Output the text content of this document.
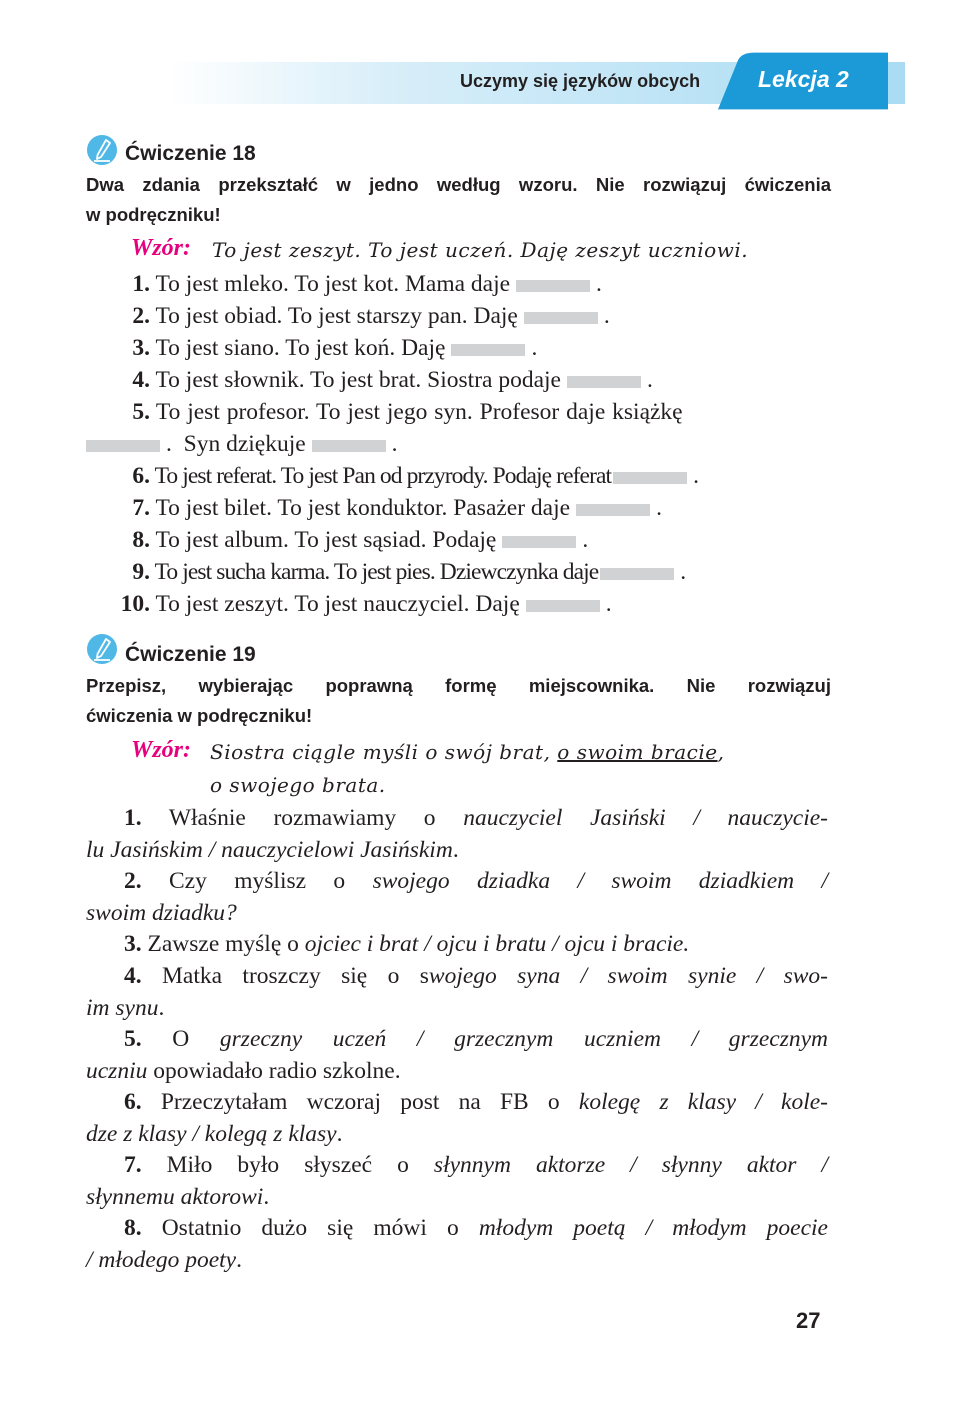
Uczymy się języków obcych	Lekcja 2
Ćwiczenie 18
Dwa zdania przekształć w jedno według wzoru. Nie rozwiązuj ćwiczenia
w podręczniku!
Wzór: To jest zeszyt. To jest uczeń. Daję zeszyt uczniowi.
1. To jest mleko. To jest kot. Mama daje	.
2. To jest obiad. To jest starszy pan. Daję	.
3. To jest siano. To jest koń. Daję	.
4. To jest słownik. To jest brat. Siostra podaje	.
5. To jest profesor. To jest jego syn. Profesor daje książkę
.  Syn dziękuje	.
6. To jest referat. To jest Pan od przyrody. Podaję referat	.
7. To jest bilet. To jest konduktor. Pasażer daje	.
8. To jest album. To jest sąsiad. Podaję	.
9. To jest sucha karma. To jest pies. Dziewczynka daje	.
10. To jest zeszyt. To jest nauczyciel. Daję	.
Ćwiczenie 19
Przepisz, wybierając poprawną formę miejscownika. Nie rozwiązuj
ćwiczenia w podręczniku!
Wzór: Siostra ciągle myśli o swój brat, o swoim bracie,
o swojego brata.
1. Właśnie rozmawiamy o nauczyciel Jasiński / nauczycie-
lu Jasińskim / nauczycielowi Jasińskim.
2. Czy myślisz o swojego dziadka / swoim dziadkiem /
swoim dziadku?
3. Zawsze myślę o ojciec i brat / ojcu i bratu / ojcu i bracie.
4. Matka troszczy się o swojego syna / swoim synie / swo-
im synu.
5. O grzeczny uczeń / grzecznym uczniem / grzecznym
uczniu opowiadało radio szkolne.
6. Przeczytałam wczoraj post na FB o kolegę z klasy / kole-
dze z klasy / kolegą z klasy.
7. Miło było słyszeć o słynnym aktorze / słynny aktor /
słynnemu aktorowi.
8. Ostatnio dużo się mówi o młodym poetą / młodym poecie
/ młodego poety.
27
